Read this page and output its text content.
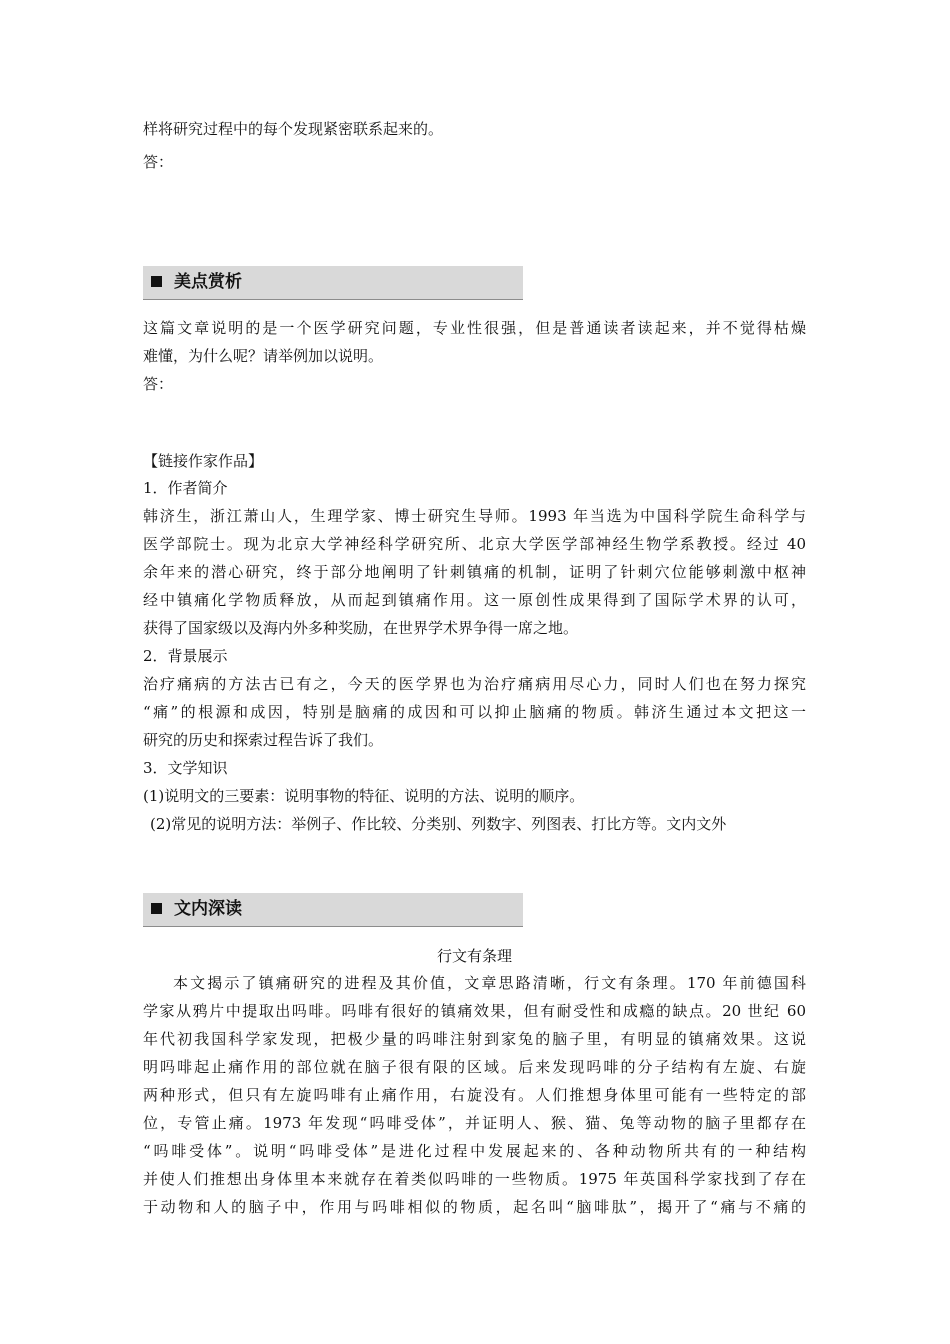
样将研究过程中的每个发现紧密联系起来的。
答：
美点赏析
这篇文章说明的是一个医学研究问题，专业性很强，但是普通读者读起来，并不觉得枯燥
难懂，为什么呢？请举例加以说明。
答：
【链接作家作品】
1．作者简介
韩济生，浙江萧山人，生理学家、博士研究生导师。1993 年当选为中国科学院生命科学与
医学部院士。现为北京大学神经科学研究所、北京大学医学部神经生物学系教授。经过 40
余年来的潜心研究，终于部分地阐明了针刺镇痛的机制，证明了针刺穴位能够刺激中枢神
经中镇痛化学物质释放，从而起到镇痛作用。这一原创性成果得到了国际学术界的认可，
获得了国家级以及海内外多种奖励，在世界学术界争得一席之地。
2．背景展示
治疗痛病的方法古已有之，今天的医学界也为治疗痛病用尽心力，同时人们也在努力探究
“痛”的根源和成因，特别是脑痛的成因和可以抑止脑痛的物质。韩济生通过本文把这一
研究的历史和探索过程告诉了我们。
3．文学知识
(1)说明文的三要素：说明事物的特征、说明的方法、说明的顺序。
(2)常见的说明方法：举例子、作比较、分类别、列数字、列图表、打比方等。文内文外
文内深读
行文有条理
本文揭示了镇痛研究的进程及其价值，文章思路清晰，行文有条理。170 年前德国科
学家从鸦片中提取出吗啡。吗啡有很好的镇痛效果，但有耐受性和成瘾的缺点。20 世纪 60
年代初我国科学家发现，把极少量的吗啡注射到家兔的脑子里，有明显的镇痛效果。这说
明吗啡起止痛作用的部位就在脑子很有限的区域。后来发现吗啡的分子结构有左旋、右旋
两种形式，但只有左旋吗啡有止痛作用，右旋没有。人们推想身体里可能有一些特定的部
位，专管止痛。1973 年发现“吗啡受体”，并证明人、猴、猫、兔等动物的脑子里都存在
“吗啡受体”。说明“吗啡受体”是进化过程中发展起来的、各种动物所共有的一种结构
并使人们推想出身体里本来就存在着类似吗啡的一些物质。1975 年英国科学家找到了存在
于动物和人的脑子中，作用与吗啡相似的物质，起名叫“脑啡肽”，揭开了“痛与不痛的
